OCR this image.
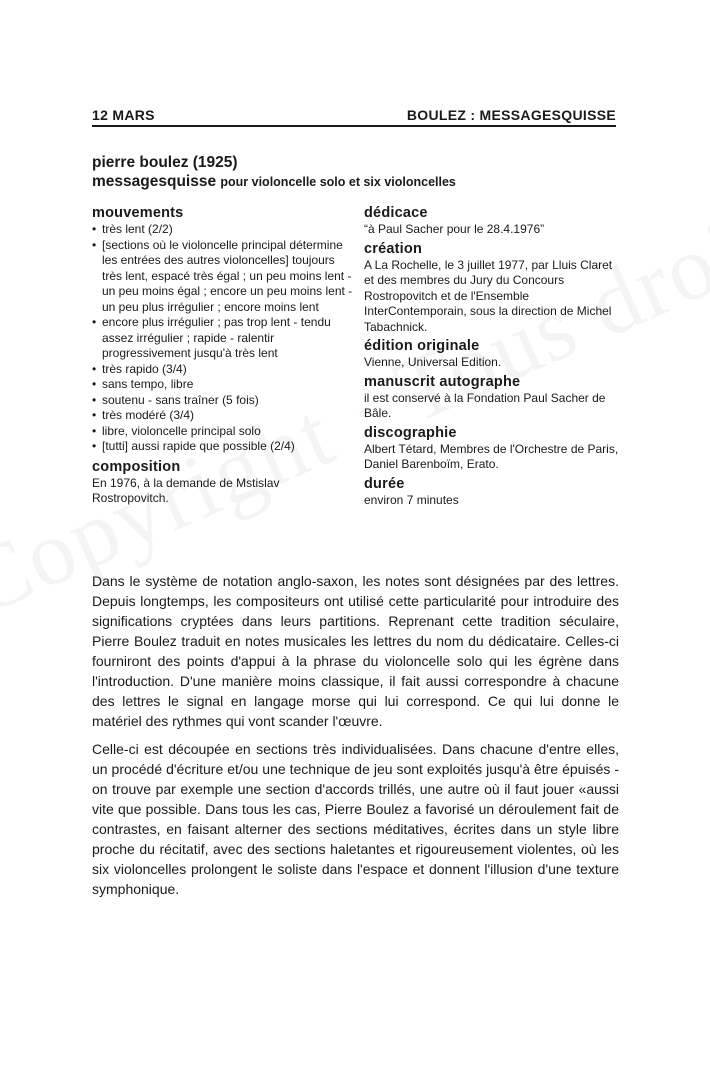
12 MARS	BOULEZ : MESSAGESQUISSE
pierre boulez (1925)
messagesquisse pour violoncelle solo et six violoncelles
mouvements
• très lent (2/2)
• [sections où le violoncelle principal détermine les entrées des autres violoncelles] toujours très lent, espacé très égal ; un peu moins lent - un peu moins égal ; encore un peu moins lent - un peu plus irrégulier ; encore moins lent
• encore plus irrégulier ; pas trop lent - tendu assez irrégulier ; rapide - ralentir progressivement jusqu'à très lent
• très rapido (3/4)
• sans tempo, libre
• soutenu - sans traîner (5 fois)
• très modéré (3/4)
• libre, violoncelle principal solo
• [tutti] aussi rapide que possible (2/4)
composition

En 1976, à la demande de Mstislav Rostropovitch.

dédicace

“à Paul Sacher pour le 28.4.1976”

création

A La Rochelle, le 3 juillet 1977, par Lluis Claret et des membres du Jury du Concours Rostropovitch et de l'Ensemble InterContemporain, sous la direction de Michel Tabachnick.

édition originale

Vienne, Universal Edition.

manuscrit autographe

il est conservé à la Fondation Paul Sacher de Bâle.

discographie

Albert Tétard, Membres de l'Orchestre de Paris, Daniel Barenboïm, Erato.

durée

environ 7 minutes

Dans le système de notation anglo-saxon, les notes sont désignées par des lettres. Depuis longtemps, les compositeurs ont utilisé cette particularité pour introduire des significations cryptées dans leurs partitions. Reprenant cette tradition séculaire, Pierre Boulez traduit en notes musicales les lettres du nom du dédicataire. Celles-ci fourniront des points d'appui à la phrase du violoncelle solo qui les égrène dans l'introduction. D'une manière moins classique, il fait aussi correspondre à chacune des lettres le signal en langage morse qui lui correspond. Ce qui lui donne le matériel des rythmes qui vont scander l'œuvre.

Celle-ci est découpée en sections très individualisées. Dans chacune d'entre elles, un procédé d'écriture et/ou une technique de jeu sont exploités jusqu'à être épuisés - on trouve par exemple une section d'accords trillés, une autre où il faut jouer «aussi vite que possible. Dans tous les cas, Pierre Boulez a favorisé un déroulement fait de contrastes, en faisant alterner des sections méditatives, écrites dans un style libre proche du récitatif, avec des sections haletantes et rigoureusement violentes, où les six violoncelles prolongent le soliste dans l'espace et donnent l'illusion d'une texture symphonique.
